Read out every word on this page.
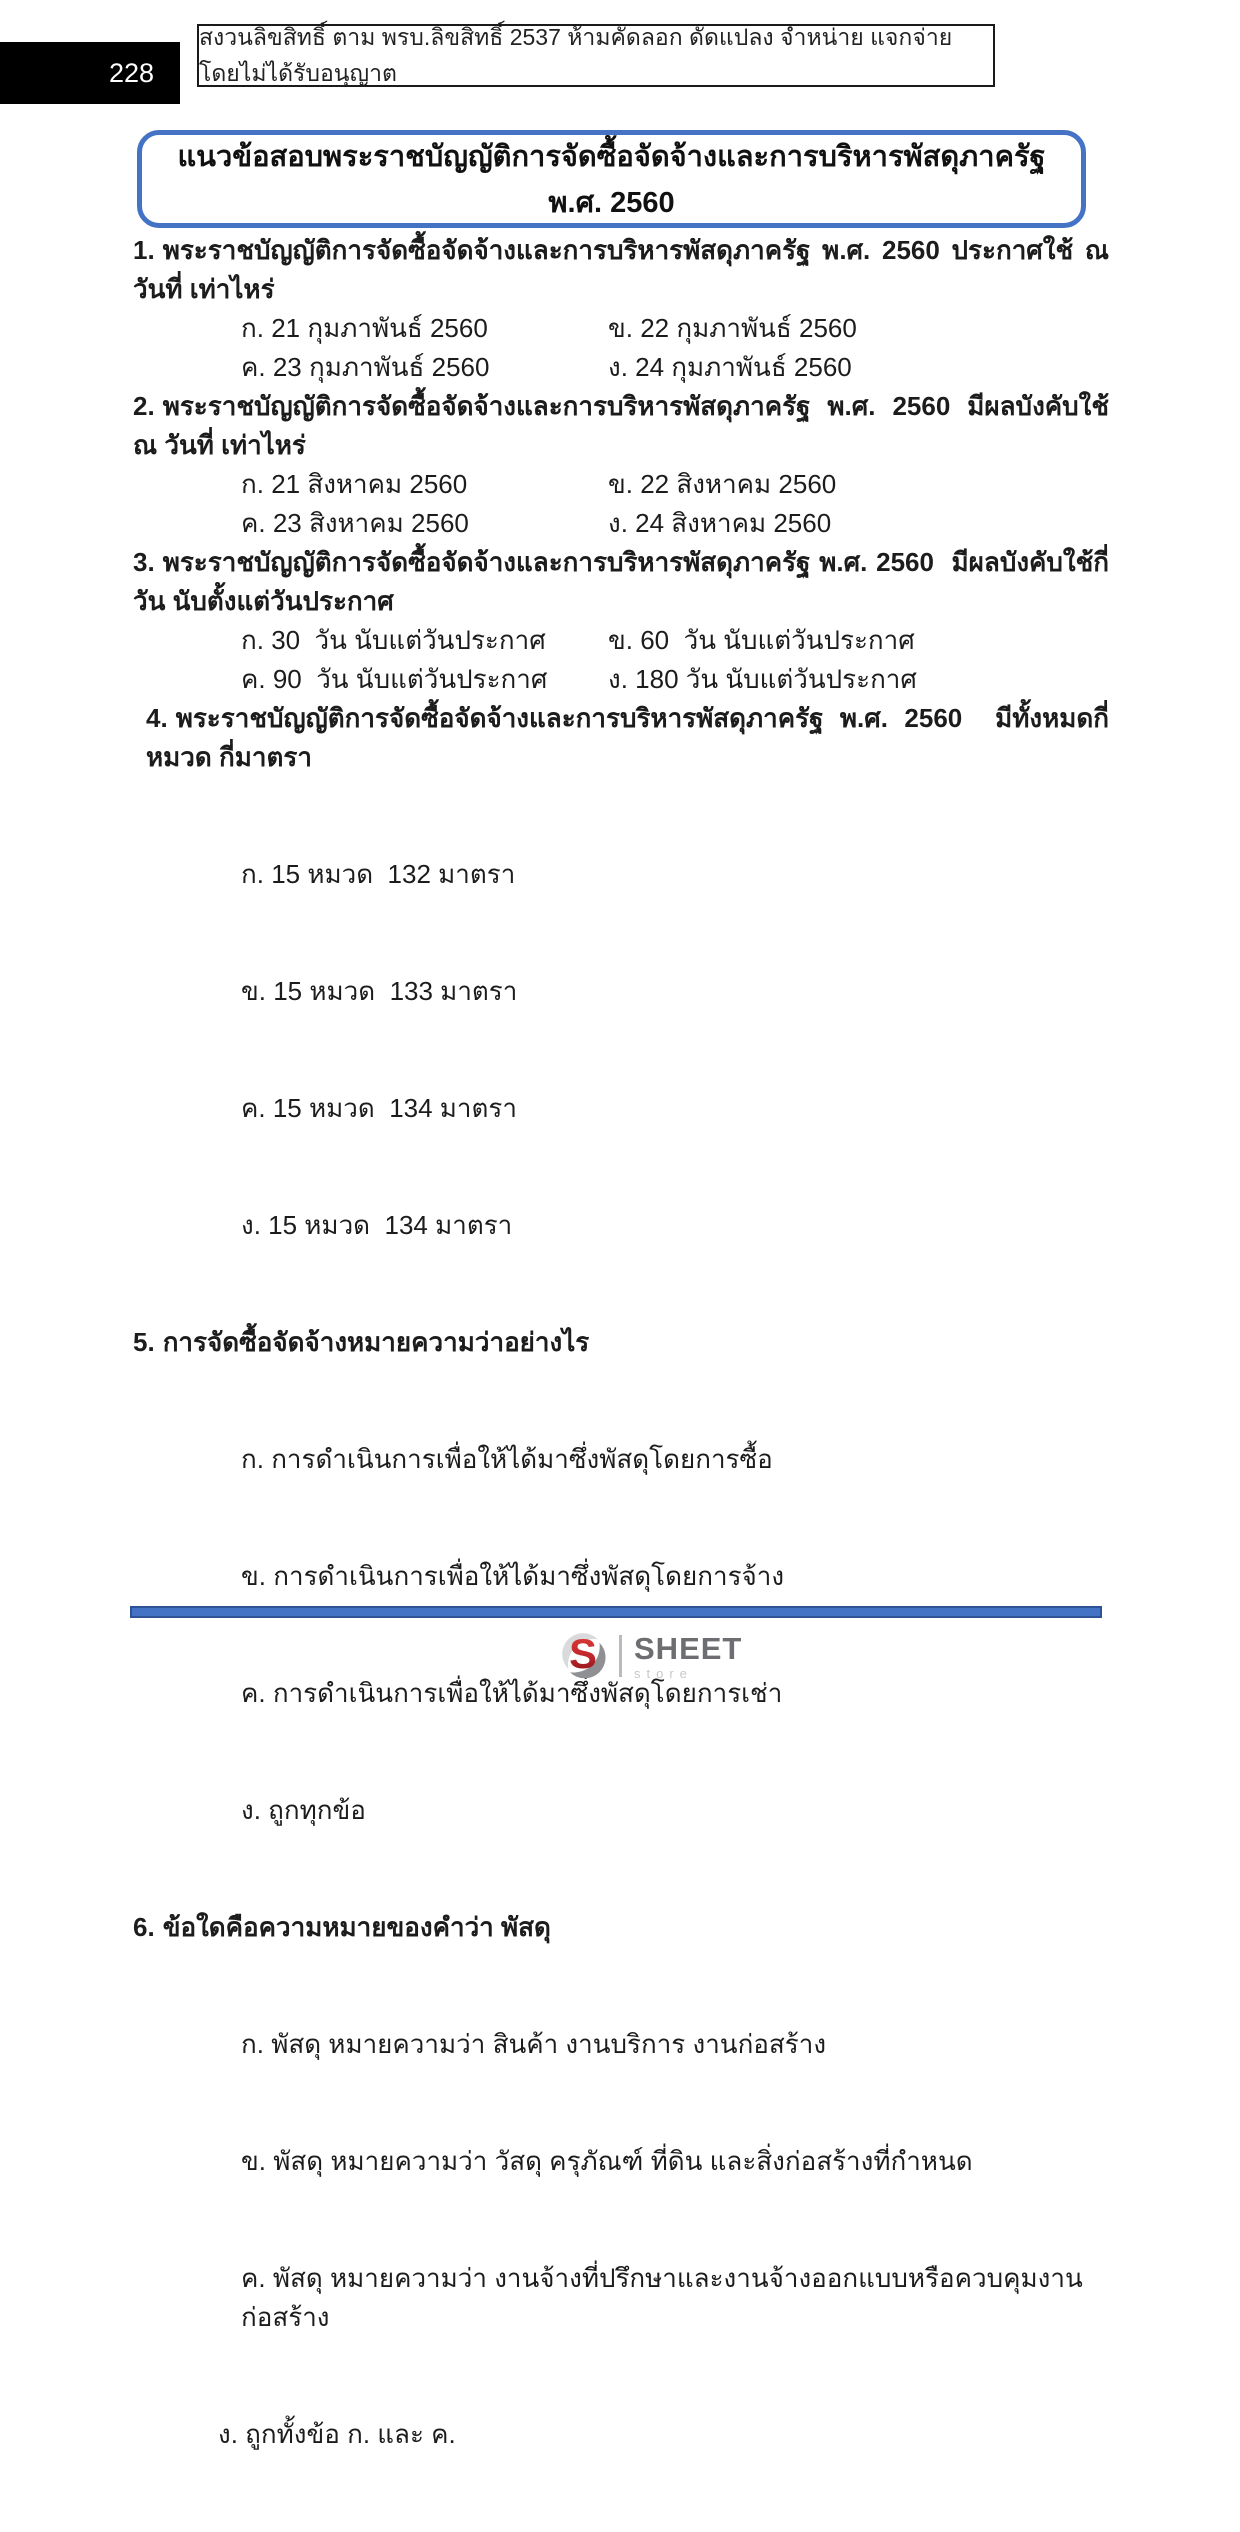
228
สงวนลิขสิทธิ์ ตาม พรบ.ลิขสิทธิ์ 2537 ห้ามคัดลอก ดัดแปลง จำหน่าย แจกจ่าย โดยไม่ได้รับอนุญาต
แนวข้อสอบพระราชบัญญัติการจัดซื้อจัดจ้างและการบริหารพัสดุภาครัฐ พ.ศ. 2560
1. พระราชบัญญัติการจัดซื้อจัดจ้างและการบริหารพัสดุภาครัฐ พ.ศ. 2560 ประกาศใช้ ณ วันที่ เท่าไหร่
ก. 21 กุมภาพันธ์ 2560	ข. 22 กุมภาพันธ์ 2560
ค. 23 กุมภาพันธ์ 2560	ง. 24 กุมภาพันธ์ 2560
2. พระราชบัญญัติการจัดซื้อจัดจ้างและการบริหารพัสดุภาครัฐ พ.ศ. 2560 มีผลบังคับใช้ ณ วันที่ เท่าไหร่
ก. 21 สิงหาคม 2560	ข. 22 สิงหาคม 2560
ค. 23 สิงหาคม 2560	ง. 24 สิงหาคม 2560
3. พระราชบัญญัติการจัดซื้อจัดจ้างและการบริหารพัสดุภาครัฐ พ.ศ. 2560  มีผลบังคับใช้กี่วัน นับตั้งแต่วันประกาศ
ก. 30  วัน นับแต่วันประกาศ	ข. 60  วัน นับแต่วันประกาศ
ค. 90  วัน นับแต่วันประกาศ	ง. 180 วัน นับแต่วันประกาศ
4. พระราชบัญญัติการจัดซื้อจัดจ้างและการบริหารพัสดุภาครัฐ พ.ศ. 2560  มีทั้งหมดกี่หมวด กี่มาตรา

ก. 15 หมวด  132 มาตรา

ข. 15 หมวด  133 มาตรา

ค. 15 หมวด  134 มาตรา

ง. 15 หมวด  134 มาตรา

5. การจัดซื้อจัดจ้างหมายความว่าอย่างไร

ก. การดำเนินการเพื่อให้ได้มาซึ่งพัสดุโดยการซื้อ

ข. การดำเนินการเพื่อให้ได้มาซึ่งพัสดุโดยการจ้าง

ค. การดำเนินการเพื่อให้ได้มาซึ่งพัสดุโดยการเช่า

ง. ถูกทุกข้อ

6. ข้อใดคือความหมายของคำว่า พัสดุ

ก. พัสดุ หมายความว่า สินค้า งานบริการ งานก่อสร้าง

ข. พัสดุ หมายความว่า วัสดุ ครุภัณฑ์ ที่ดิน และสิ่งก่อสร้างที่กำหนด

ค. พัสดุ หมายความว่า งานจ้างที่ปรึกษาและงานจ้างออกแบบหรือควบคุมงานก่อสร้าง

ง. ถูกทั้งข้อ ก. และ ค.

S SHEET
store
